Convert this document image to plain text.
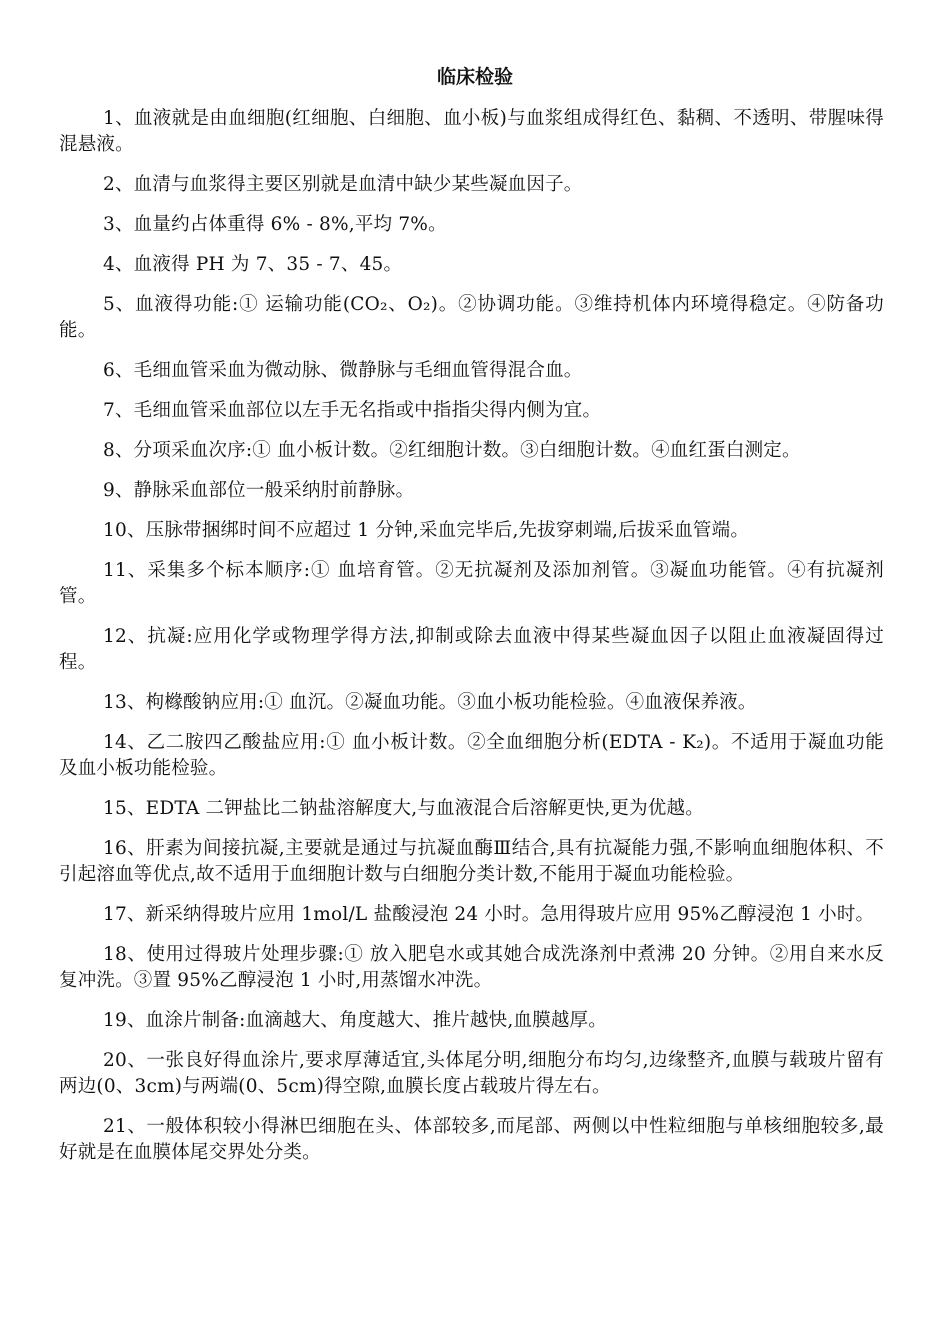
临床检验

1、血液就是由血细胞(红细胞、白细胞、血小板)与血浆组成得红色、黏稠、不透明、带腥味得混悬液。

2、血清与血浆得主要区别就是血清中缺少某些凝血因子。

3、血量约占体重得 6% - 8%,平均 7%。

4、血液得 PH 为 7、35 - 7、45。

5、血液得功能:① 运输功能(CO₂、O₂)。②协调功能。③维持机体内环境得稳定。④防备功能。

6、毛细血管采血为微动脉、微静脉与毛细血管得混合血。

7、毛细血管采血部位以左手无名指或中指指尖得内侧为宜。

8、分项采血次序:① 血小板计数。②红细胞计数。③白细胞计数。④血红蛋白测定。

9、静脉采血部位一般采纳肘前静脉。

10、压脉带捆绑时间不应超过 1 分钟,采血完毕后,先拔穿刺端,后拔采血管端。

11、采集多个标本顺序:① 血培育管。②无抗凝剂及添加剂管。③凝血功能管。④有抗凝剂管。

12、抗凝:应用化学或物理学得方法,抑制或除去血液中得某些凝血因子以阻止血液凝固得过程。

13、枸橼酸钠应用:① 血沉。②凝血功能。③血小板功能检验。④血液保养液。

14、乙二胺四乙酸盐应用:① 血小板计数。②全血细胞分析(EDTA - K₂)。不适用于凝血功能及血小板功能检验。

15、EDTA 二钾盐比二钠盐溶解度大,与血液混合后溶解更快,更为优越。

16、肝素为间接抗凝,主要就是通过与抗凝血酶Ⅲ结合,具有抗凝能力强,不影响血细胞体积、不引起溶血等优点,故不适用于血细胞计数与白细胞分类计数,不能用于凝血功能检验。

17、新采纳得玻片应用 1mol/L 盐酸浸泡 24 小时。急用得玻片应用 95%乙醇浸泡 1 小时。

18、使用过得玻片处理步骤:① 放入肥皂水或其她合成洗涤剂中煮沸 20 分钟。②用自来水反复冲洗。③置 95%乙醇浸泡 1 小时,用蒸馏水冲洗。

19、血涂片制备:血滴越大、角度越大、推片越快,血膜越厚。

20、一张良好得血涂片,要求厚薄适宜,头体尾分明,细胞分布均匀,边缘整齐,血膜与载玻片留有两边(0、3cm)与两端(0、5cm)得空隙,血膜长度占载玻片得左右。

21、一般体积较小得淋巴细胞在头、体部较多,而尾部、两侧以中性粒细胞与单核细胞较多,最好就是在血膜体尾交界处分类。
